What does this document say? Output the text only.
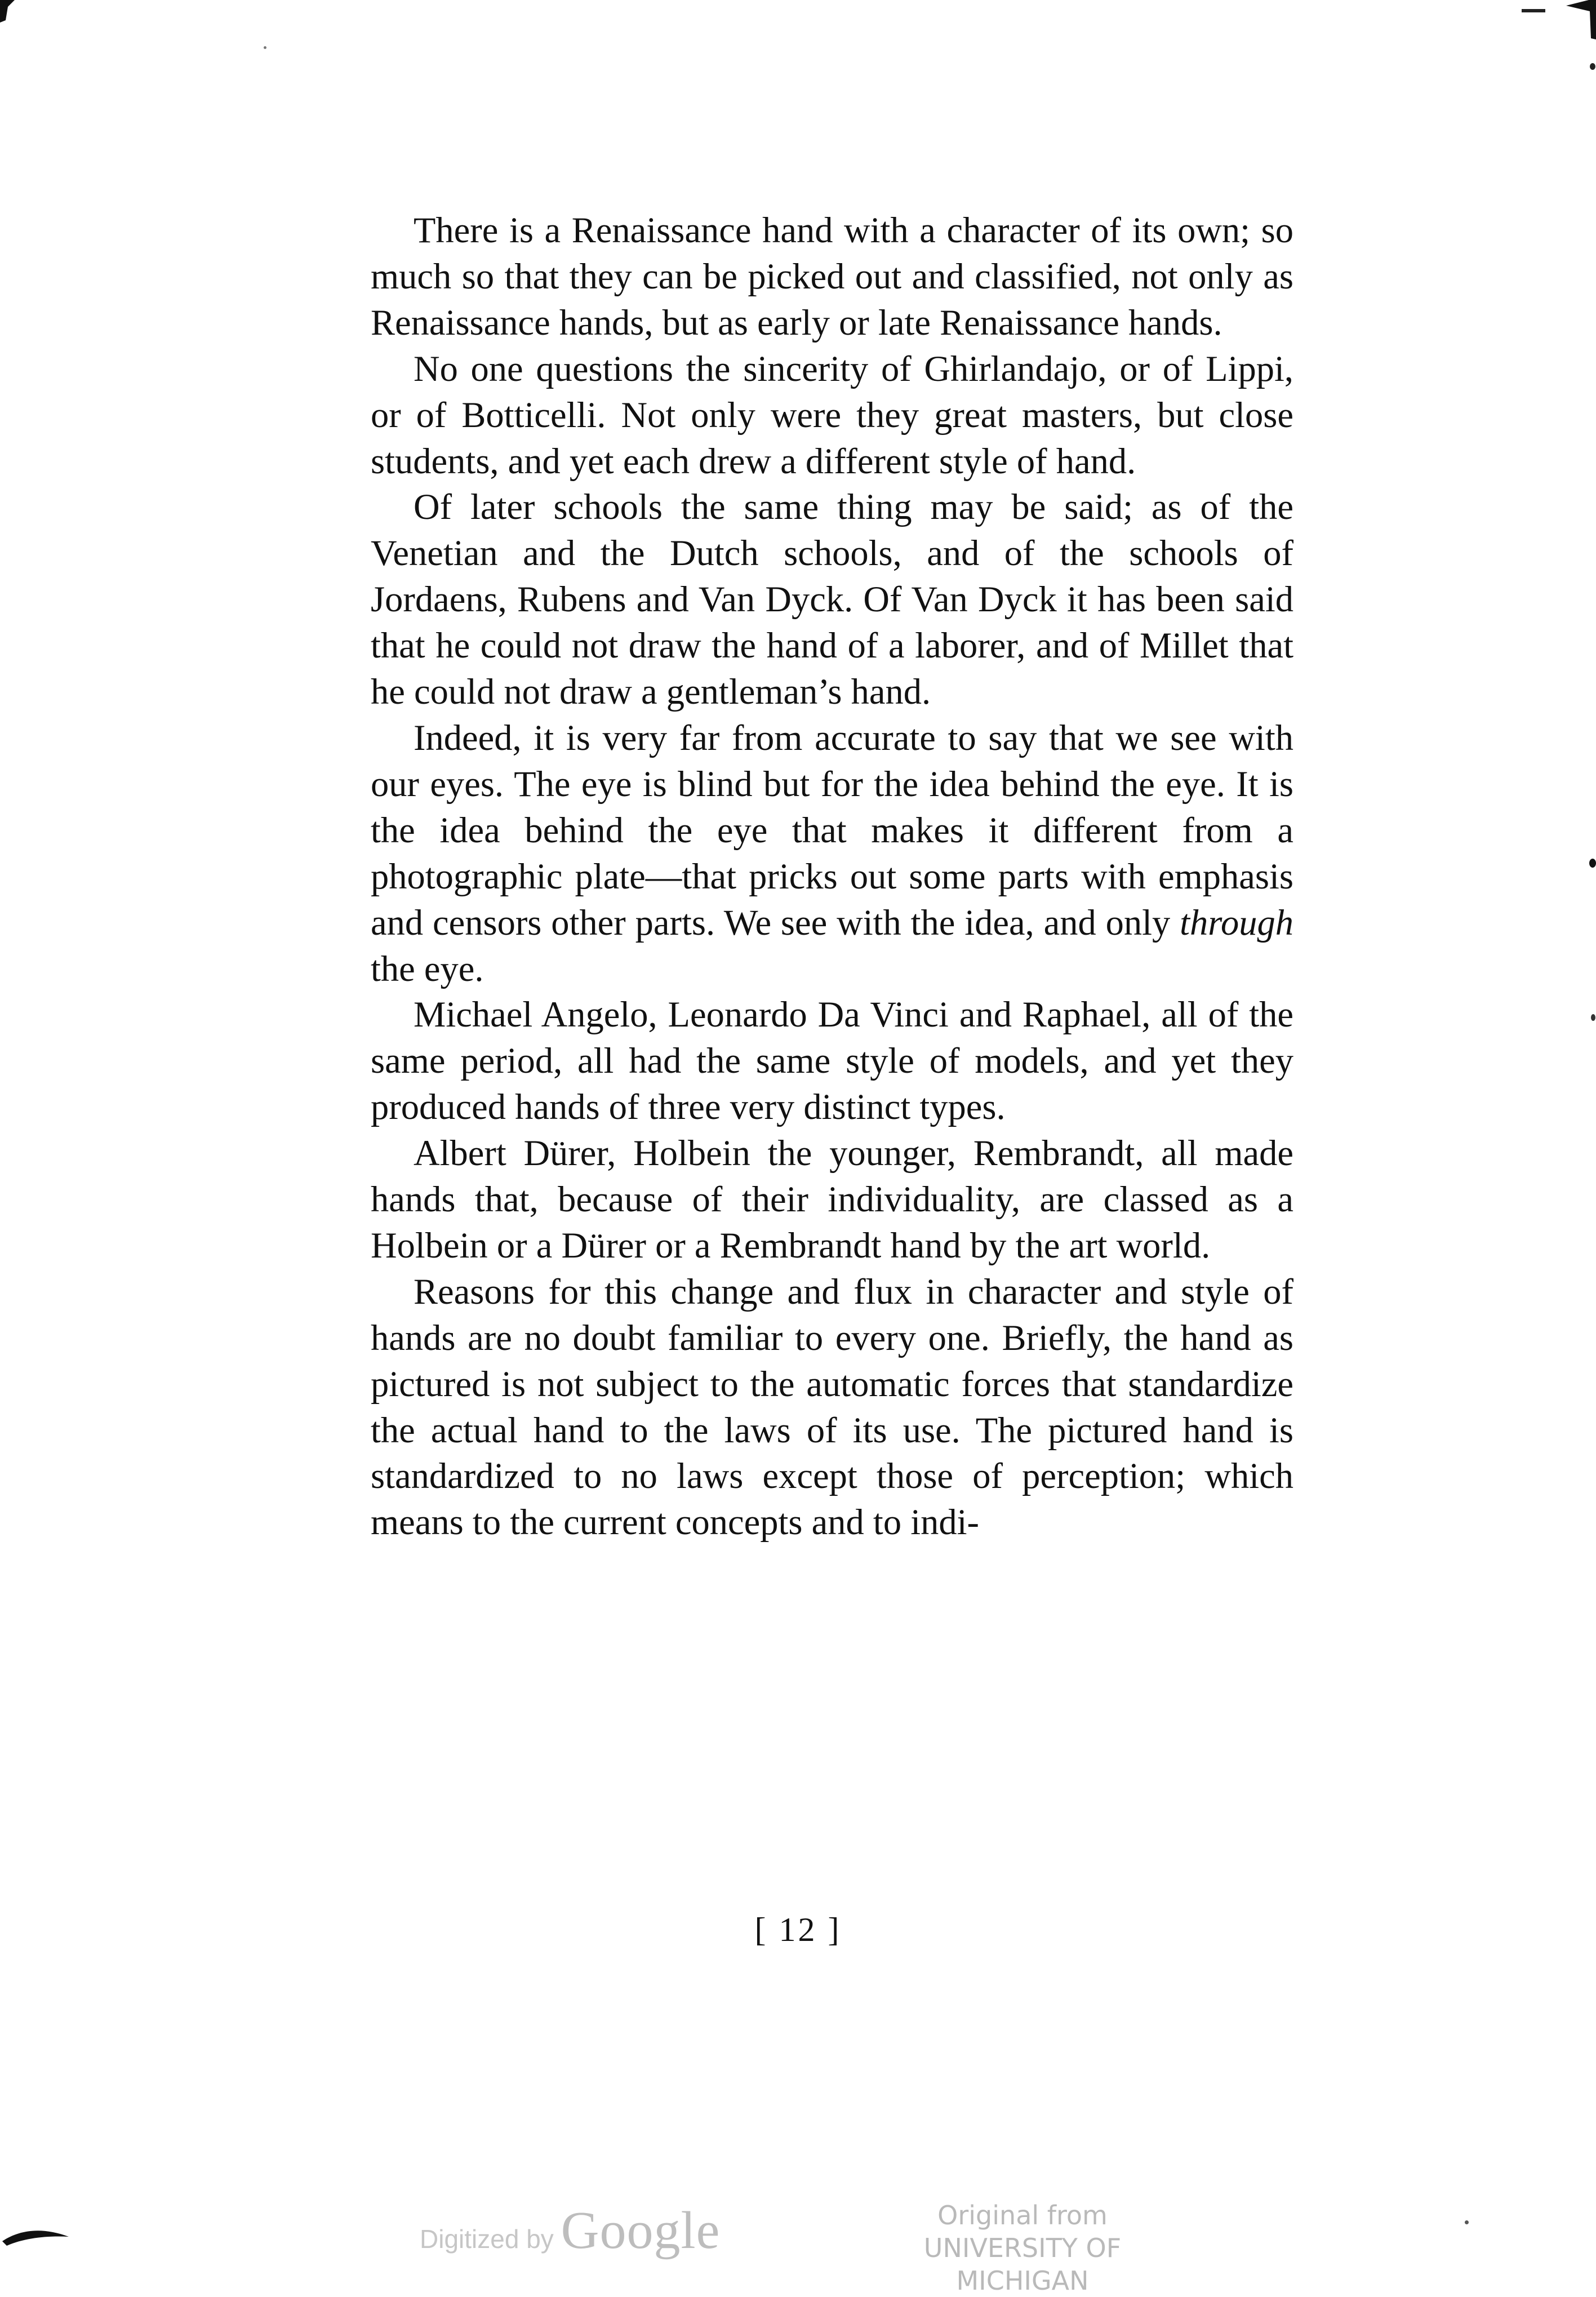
There is a Renaissance hand with a character of its own; so much so that they can be picked out and classified, not only as Renaissance hands, but as early or late Renaissance hands.

No one questions the sincerity of Ghirlandajo, or of Lippi, or of Botticelli. Not only were they great masters, but close students, and yet each drew a different style of hand.

Of later schools the same thing may be said; as of the Venetian and the Dutch schools, and of the schools of Jordaens, Rubens and Van Dyck. Of Van Dyck it has been said that he could not draw the hand of a laborer, and of Millet that he could not draw a gentleman’s hand.

Indeed, it is very far from accurate to say that we see with our eyes. The eye is blind but for the idea behind the eye. It is the idea behind the eye that makes it different from a photographic plate—that pricks out some parts with emphasis and censors other parts. We see with the idea, and only through the eye.

Michael Angelo, Leonardo Da Vinci and Raphael, all of the same period, all had the same style of models, and yet they produced hands of three very distinct types.

Albert Dürer, Holbein the younger, Rembrandt, all made hands that, because of their individuality, are classed as a Holbein or a Dürer or a Rembrandt hand by the art world.

Reasons for this change and flux in character and style of hands are no doubt familiar to every one. Briefly, the hand as pictured is not subject to the automatic forces that standardize the actual hand to the laws of its use. The pictured hand is standardized to no laws except those of perception; which means to the current concepts and to indi-

[ 12 ]
Digitized by Google	Original from
UNIVERSITY OF MICHIGAN
